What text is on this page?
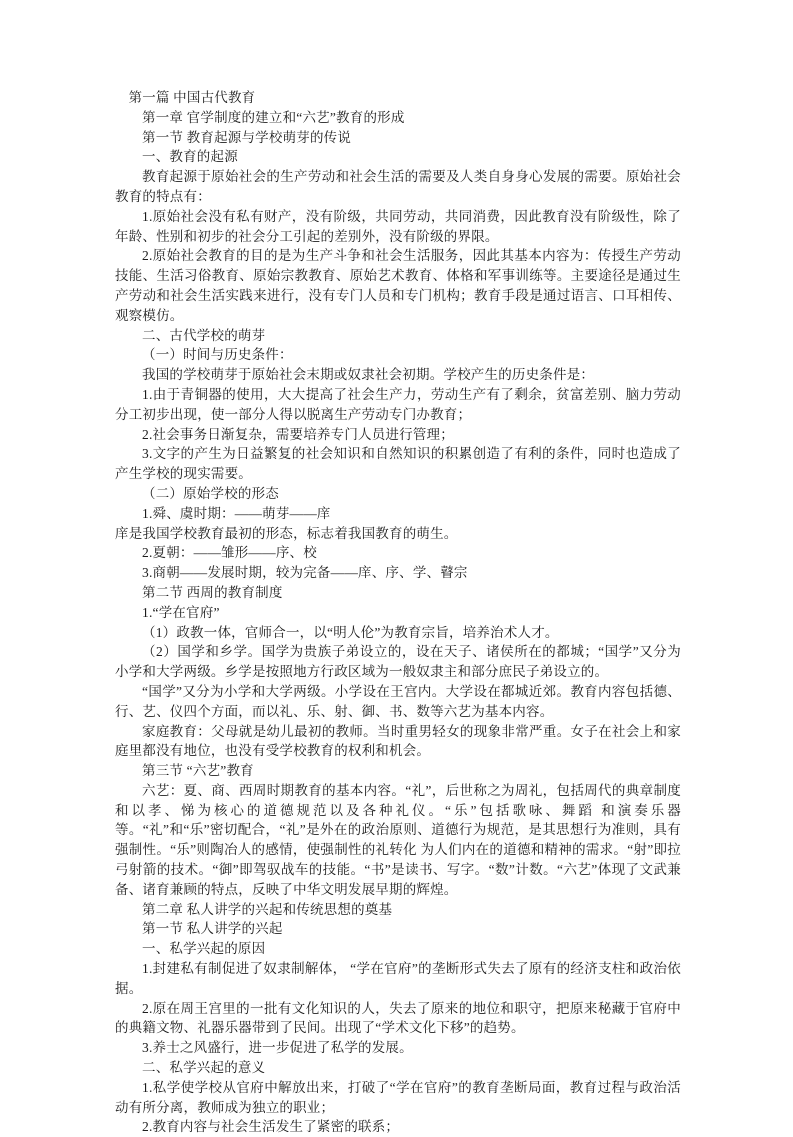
第一篇 中国古代教育

第一章 官学制度的建立和“六艺”教育的形成

第一节 教育起源与学校萌芽的传说

一、教育的起源

教育起源于原始社会的生产劳动和社会生活的需要及人类自身身心发展的需要。原始社会教育的特点有：

1.原始社会没有私有财产，没有阶级，共同劳动，共同消费，因此教育没有阶级性，除了年龄、性别和初步的社会分工引起的差别外，没有阶级的界限。

2.原始社会教育的目的是为生产斗争和社会生活服务，因此其基本内容为：传授生产劳动技能、生活习俗教育、原始宗教教育、原始艺术教育、体格和军事训练等。主要途径是通过生产劳动和社会生活实践来进行，没有专门人员和专门机构；教育手段是通过语言、口耳相传、观察模仿。

二、古代学校的萌芽

（一）时间与历史条件：

我国的学校萌芽于原始社会末期或奴隶社会初期。学校产生的历史条件是：

1.由于青铜器的使用，大大提高了社会生产力，劳动生产有了剩余，贫富差别、脑力劳动分工初步出现，使一部分人得以脱离生产劳动专门办教育；

2.社会事务日渐复杂，需要培养专门人员进行管理；

3.文字的产生为日益繁复的社会知识和自然知识的积累创造了有利的条件，同时也造成了产生学校的现实需要。

（二）原始学校的形态

1.舜、虞时期：——萌芽——庠

庠是我国学校教育最初的形态，标志着我国教育的萌生。

2.夏朝：——雏形——序、校

3.商朝——发展时期，较为完备——庠、序、学、瞽宗

第二节 西周的教育制度

1.“学在官府”

（1）政教一体，官师合一，以“明人伦”为教育宗旨，培养治术人才。

（2）国学和乡学。国学为贵族子弟设立的，设在天子、诸侯所在的都城；“国学”又分为小学和大学两级。乡学是按照地方行政区域为一般奴隶主和部分庶民子弟设立的。

“国学”又分为小学和大学两级。小学设在王宫内。大学设在都城近郊。教育内容包括德、行、艺、仪四个方面，而以礼、乐、射、御、书、数等六艺为基本内容。

家庭教育：父母就是幼儿最初的教师。当时重男轻女的现象非常严重。女子在社会上和家庭里都没有地位，也没有受学校教育的权利和机会。

第三节 “六艺”教育

六艺：夏、商、西周时期教育的基本内容。“礼”，后世称之为周礼，包括周代的典章制度和以孝、悌为核心的道德规范以及各种礼仪。“乐”包括歌咏、舞蹈 和演奏乐器等。“礼”和“乐”密切配合，“礼”是外在的政治原则、道德行为规范，是其思想行为准则，具有强制性。“乐”则陶冶人的感情，使强制性的礼转化 为人们内在的道德和精神的需求。“射”即拉弓射箭的技术。“御”即驾驭战车的技能。“书”是读书、写字。“数”计数。“六艺”体现了文武兼备、诸育兼顾的特点，反映了中华文明发展早期的辉煌。

第二章 私人讲学的兴起和传统思想的奠基

第一节 私人讲学的兴起

一、私学兴起的原因

1.封建私有制促进了奴隶制解体， “学在官府”的垄断形式失去了原有的经济支柱和政治依据。

2.原在周王宫里的一批有文化知识的人，失去了原来的地位和职守，把原来秘藏于官府中的典籍文物、礼器乐器带到了民间。出现了“学术文化下移”的趋势。

3.养士之风盛行，进一步促进了私学的发展。

二、私学兴起的意义

1.私学使学校从官府中解放出来，打破了“学在官府”的教育垄断局面，教育过程与政治活动有所分离，教师成为独立的职业；

2.教育内容与社会生活发生了紧密的联系；
